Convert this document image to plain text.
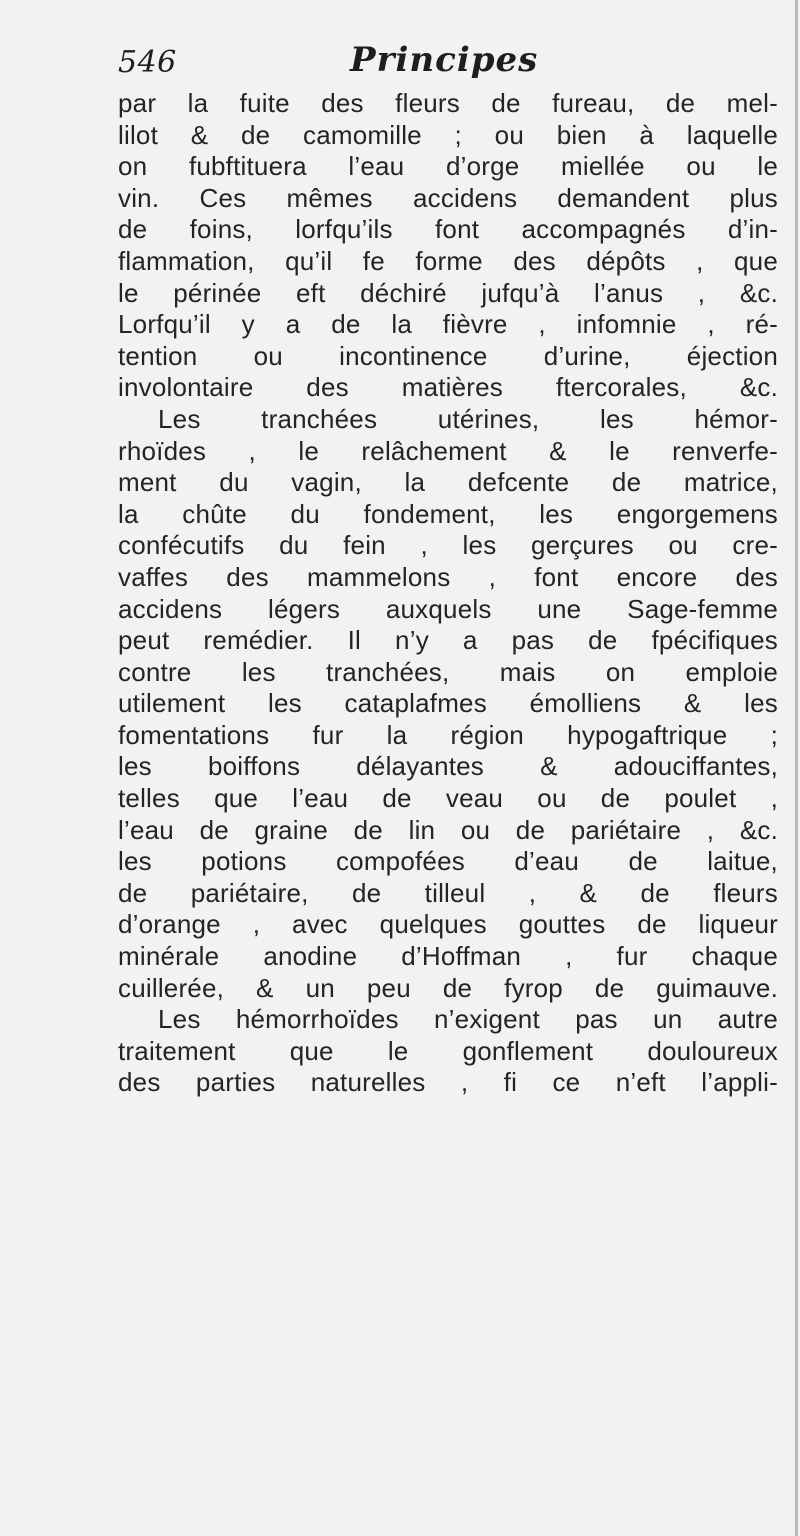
546	Principes
par la fuite des fleurs de fureau, de mel-
lilot & de camomille ; ou bien à laquelle
on fubftituera l’eau d’orge miellée ou le
vin. Ces mêmes accidens demandent plus
de foins, lorfqu’ils font accompagnés d’in-
flammation, qu’il fe forme des dépôts , que
le périnée eft déchiré jufqu’à l’anus , &c.
Lorfqu’il y a de la fièvre , infomnie , ré-
tention ou incontinence d’urine, éjection
involontaire des matières ftercorales, &c.
Les tranchées utérines, les hémor-
rhoïdes , le relâchement & le renverfe-
ment du vagin, la defcente de matrice,
la chûte du fondement, les engorgemens
confécutifs du fein , les gerçures ou cre-
vaffes des mammelons , font encore des
accidens légers auxquels une Sage-femme
peut remédier. Il n’y a pas de fpécifiques
contre les tranchées, mais on emploie
utilement les cataplafmes émolliens & les
fomentations fur la région hypogaftrique ;
les boiffons délayantes & adouciffantes,
telles que l’eau de veau ou de poulet ,
l’eau de graine de lin ou de pariétaire , &c.
les potions compofées d’eau de laitue,
de pariétaire, de tilleul , & de fleurs
d’orange , avec quelques gouttes de liqueur
minérale anodine d’Hoffman , fur chaque
cuillerée, & un peu de fyrop de guimauve.
Les hémorrhoïdes n’exigent pas un autre
traitement que le gonflement douloureux
des parties naturelles , fi ce n’eft l’appli-
